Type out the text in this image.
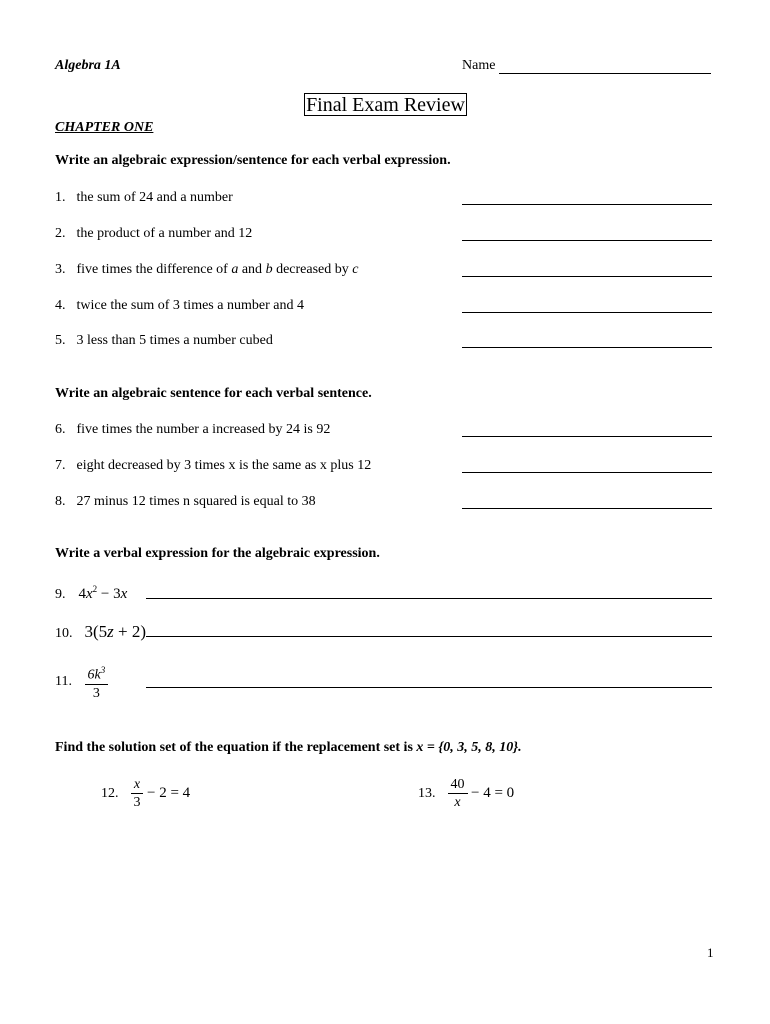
Algebra 1A	Name
Final Exam Review
CHAPTER ONE
Write an algebraic expression/sentence for each verbal expression.
1. the sum of 24 and a number
2. the product of a number and 12
3. five times the difference of a and b decreased by c
4. twice the sum of 3 times a number and 4
5. 3 less than 5 times a number cubed
Write an algebraic sentence for each verbal sentence.
6. five times the number a increased by 24 is 92
7. eight decreased by 3 times x is the same as x plus 12
8. 27 minus 12 times n squared is equal to 38
Write a verbal expression for the algebraic expression.
9. $4x^2 - 3x$
10. 3(5z + 2)
11. $\frac{6k^3}{3}$
Find the solution set of the equation if the replacement set is x = {0, 3, 5, 8, 10}.
12. $\frac{x}{3} - 2 = 4$	13. $\frac{40}{x} - 4 = 0$
1
